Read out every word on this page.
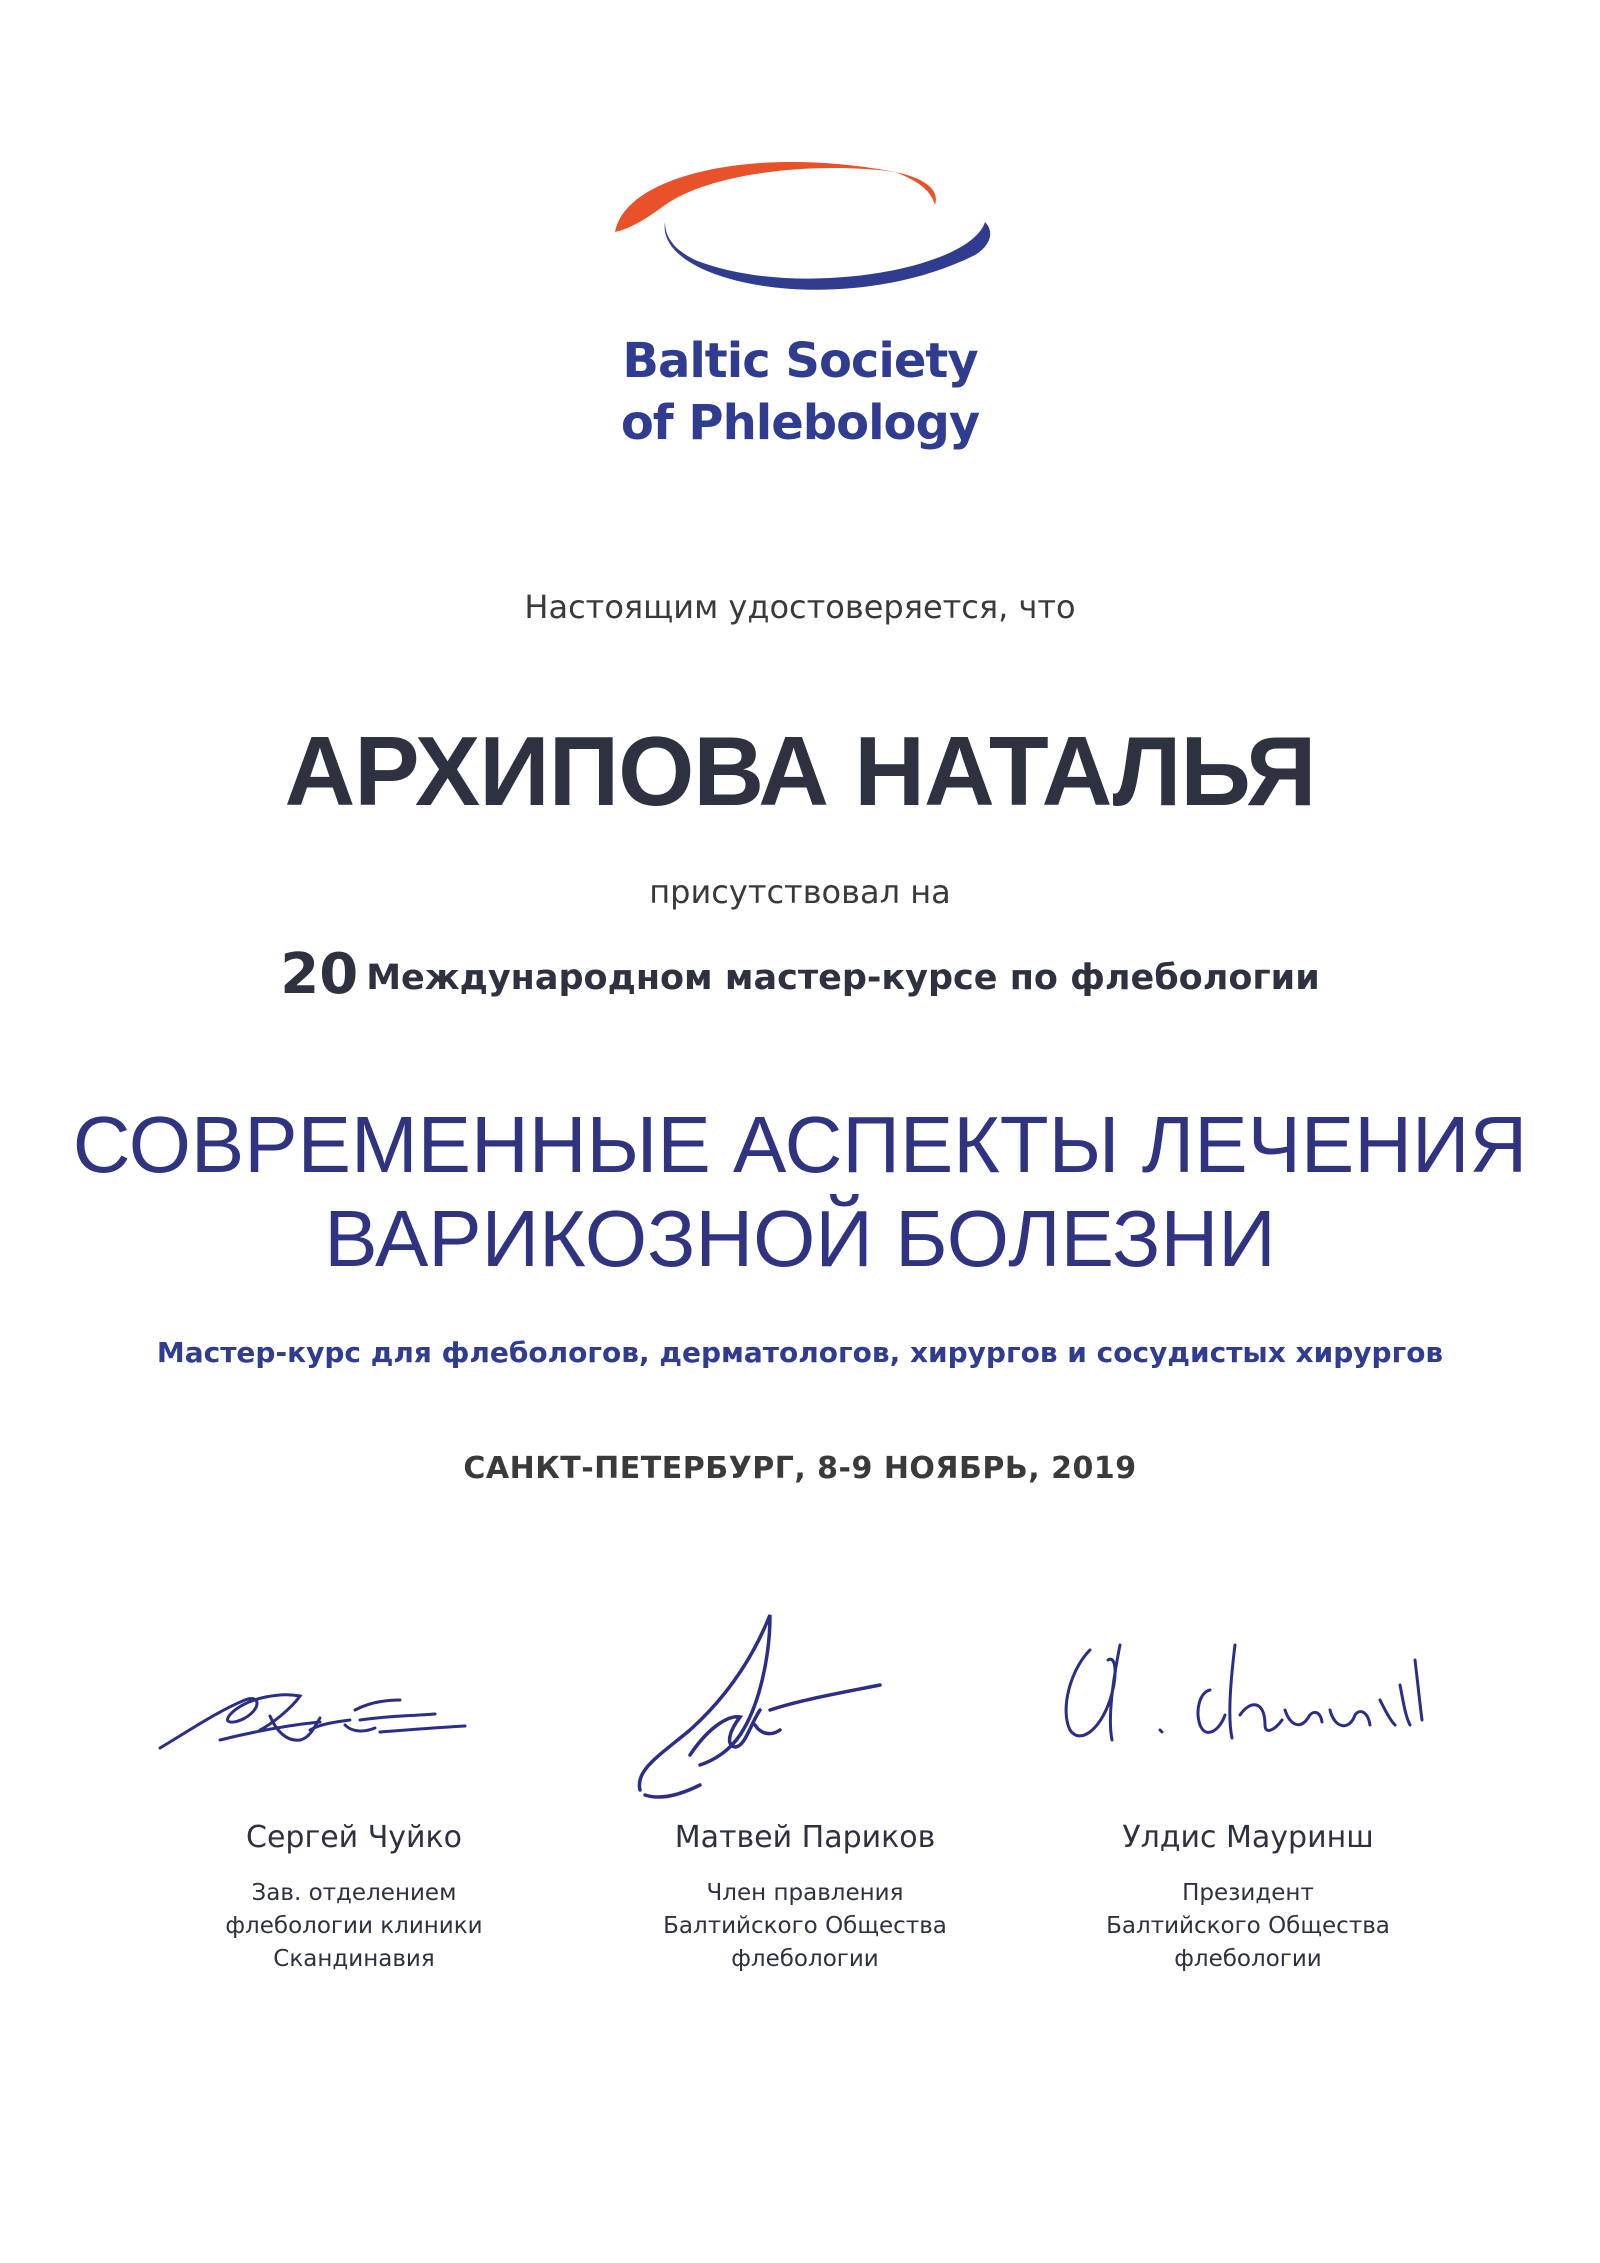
Baltic Society
of Phlebology
Настоящим удостоверяется, что
АРХИПОВА НАТАЛЬЯ
присутствовал на
20 Международном мастер-курсе по флебологии
СОВРЕМЕННЫЕ АСПЕКТЫ ЛЕЧЕНИЯ
ВАРИКОЗНОЙ БОЛЕЗНИ
Мастер-курс для флебологов, дерматологов, хирургов и сосудистых хирургов
САНКТ-ПЕТЕРБУРГ, 8-9 НОЯБРЬ, 2019
Сергей Чуйко
Зав. отделением
флебологии клиники
Скандинавия
Матвей Париков
Член правления
Балтийского Общества
флебологии
Улдис Мауринш
Президент
Балтийского Общества
флебологии
